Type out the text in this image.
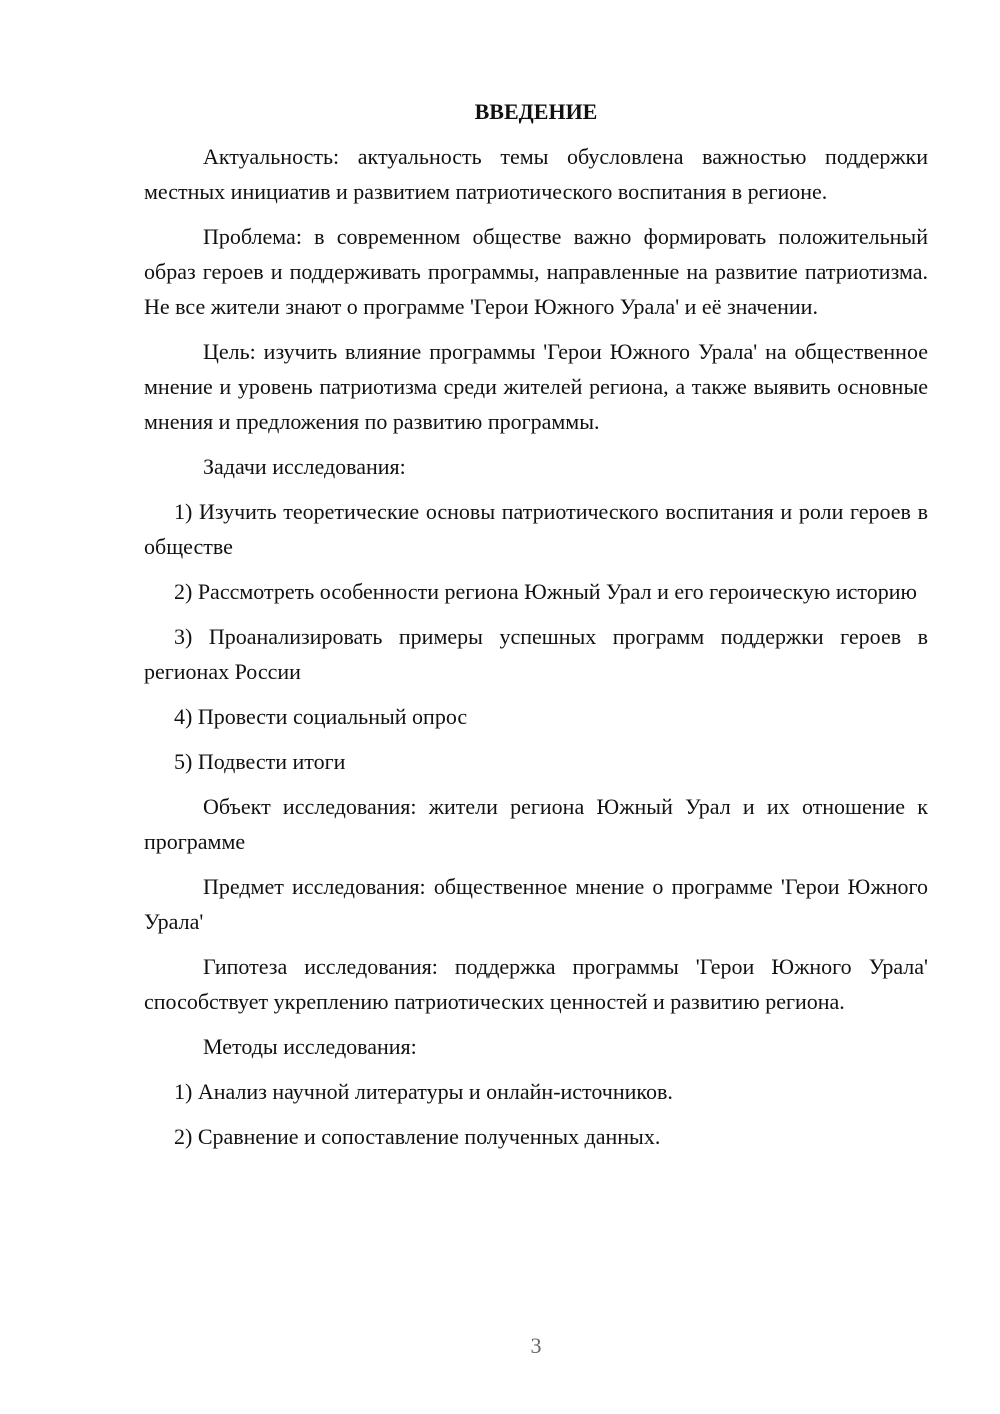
ВВЕДЕНИЕ

Актуальность: актуальность темы обусловлена важностью поддержки местных инициатив и развитием патриотического воспитания в регионе.

Проблема: в современном обществе важно формировать положительный образ героев и поддерживать программы, направленные на развитие патриотизма. Не все жители знают о программе 'Герои Южного Урала' и её значении.

Цель: изучить влияние программы 'Герои Южного Урала' на общественное мнение и уровень патриотизма среди жителей региона, а также выявить основные мнения и предложения по развитию программы.

Задачи исследования:

1) Изучить теоретические основы патриотического воспитания и роли героев в обществе

2) Рассмотреть особенности региона Южный Урал и его героическую историю

3) Проанализировать примеры успешных программ поддержки героев в регионах России

4) Провести социальный опрос

5) Подвести итоги

Объект исследования: жители региона Южный Урал и их отношение к программе

Предмет исследования: общественное мнение о программе 'Герои Южного Урала'

Гипотеза исследования: поддержка программы 'Герои Южного Урала' способствует укреплению патриотических ценностей и развитию региона.

Методы исследования:

1) Анализ научной литературы и онлайн-источников.

2) Сравнение и сопоставление полученных данных.

3
